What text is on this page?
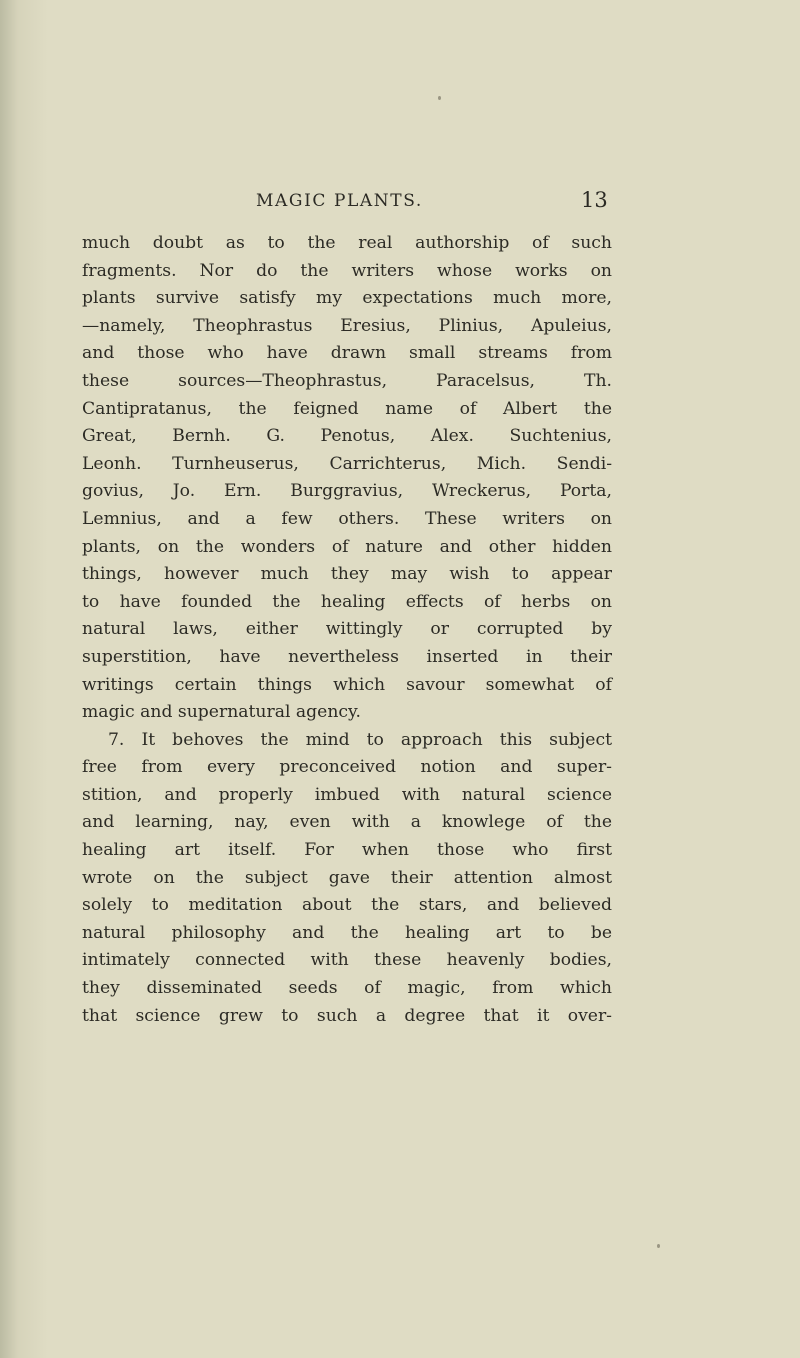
MAGIC PLANTS.	13
much doubt as to the real authorship of such
fragments. Nor do the writers whose works on
plants survive satisfy my expectations much more,
—namely, Theophrastus Eresius, Plinius, Apuleius,
and those who have drawn small streams from
these sources—Theophrastus, Paracelsus, Th.
Cantipratanus, the feigned name of Albert the
Great, Bernh. G. Penotus, Alex. Suchtenius,
Leonh. Turnheuserus, Carrichterus, Mich. Sendi-
govius, Jo. Ern. Burggravius, Wreckerus, Porta,
Lemnius, and a few others. These writers on
plants, on the wonders of nature and other hidden
things, however much they may wish to appear
to have founded the healing effects of herbs on
natural laws, either wittingly or corrupted by
superstition, have nevertheless inserted in their
writings certain things which savour somewhat of
magic and supernatural agency.
7. It behoves the mind to approach this subject
free from every preconceived notion and super-
stition, and properly imbued with natural science
and learning, nay, even with a knowlege of the
healing art itself. For when those who first
wrote on the subject gave their attention almost
solely to meditation about the stars, and believed
natural philosophy and the healing art to be
intimately connected with these heavenly bodies,
they disseminated seeds of magic, from which
that science grew to such a degree that it over-
